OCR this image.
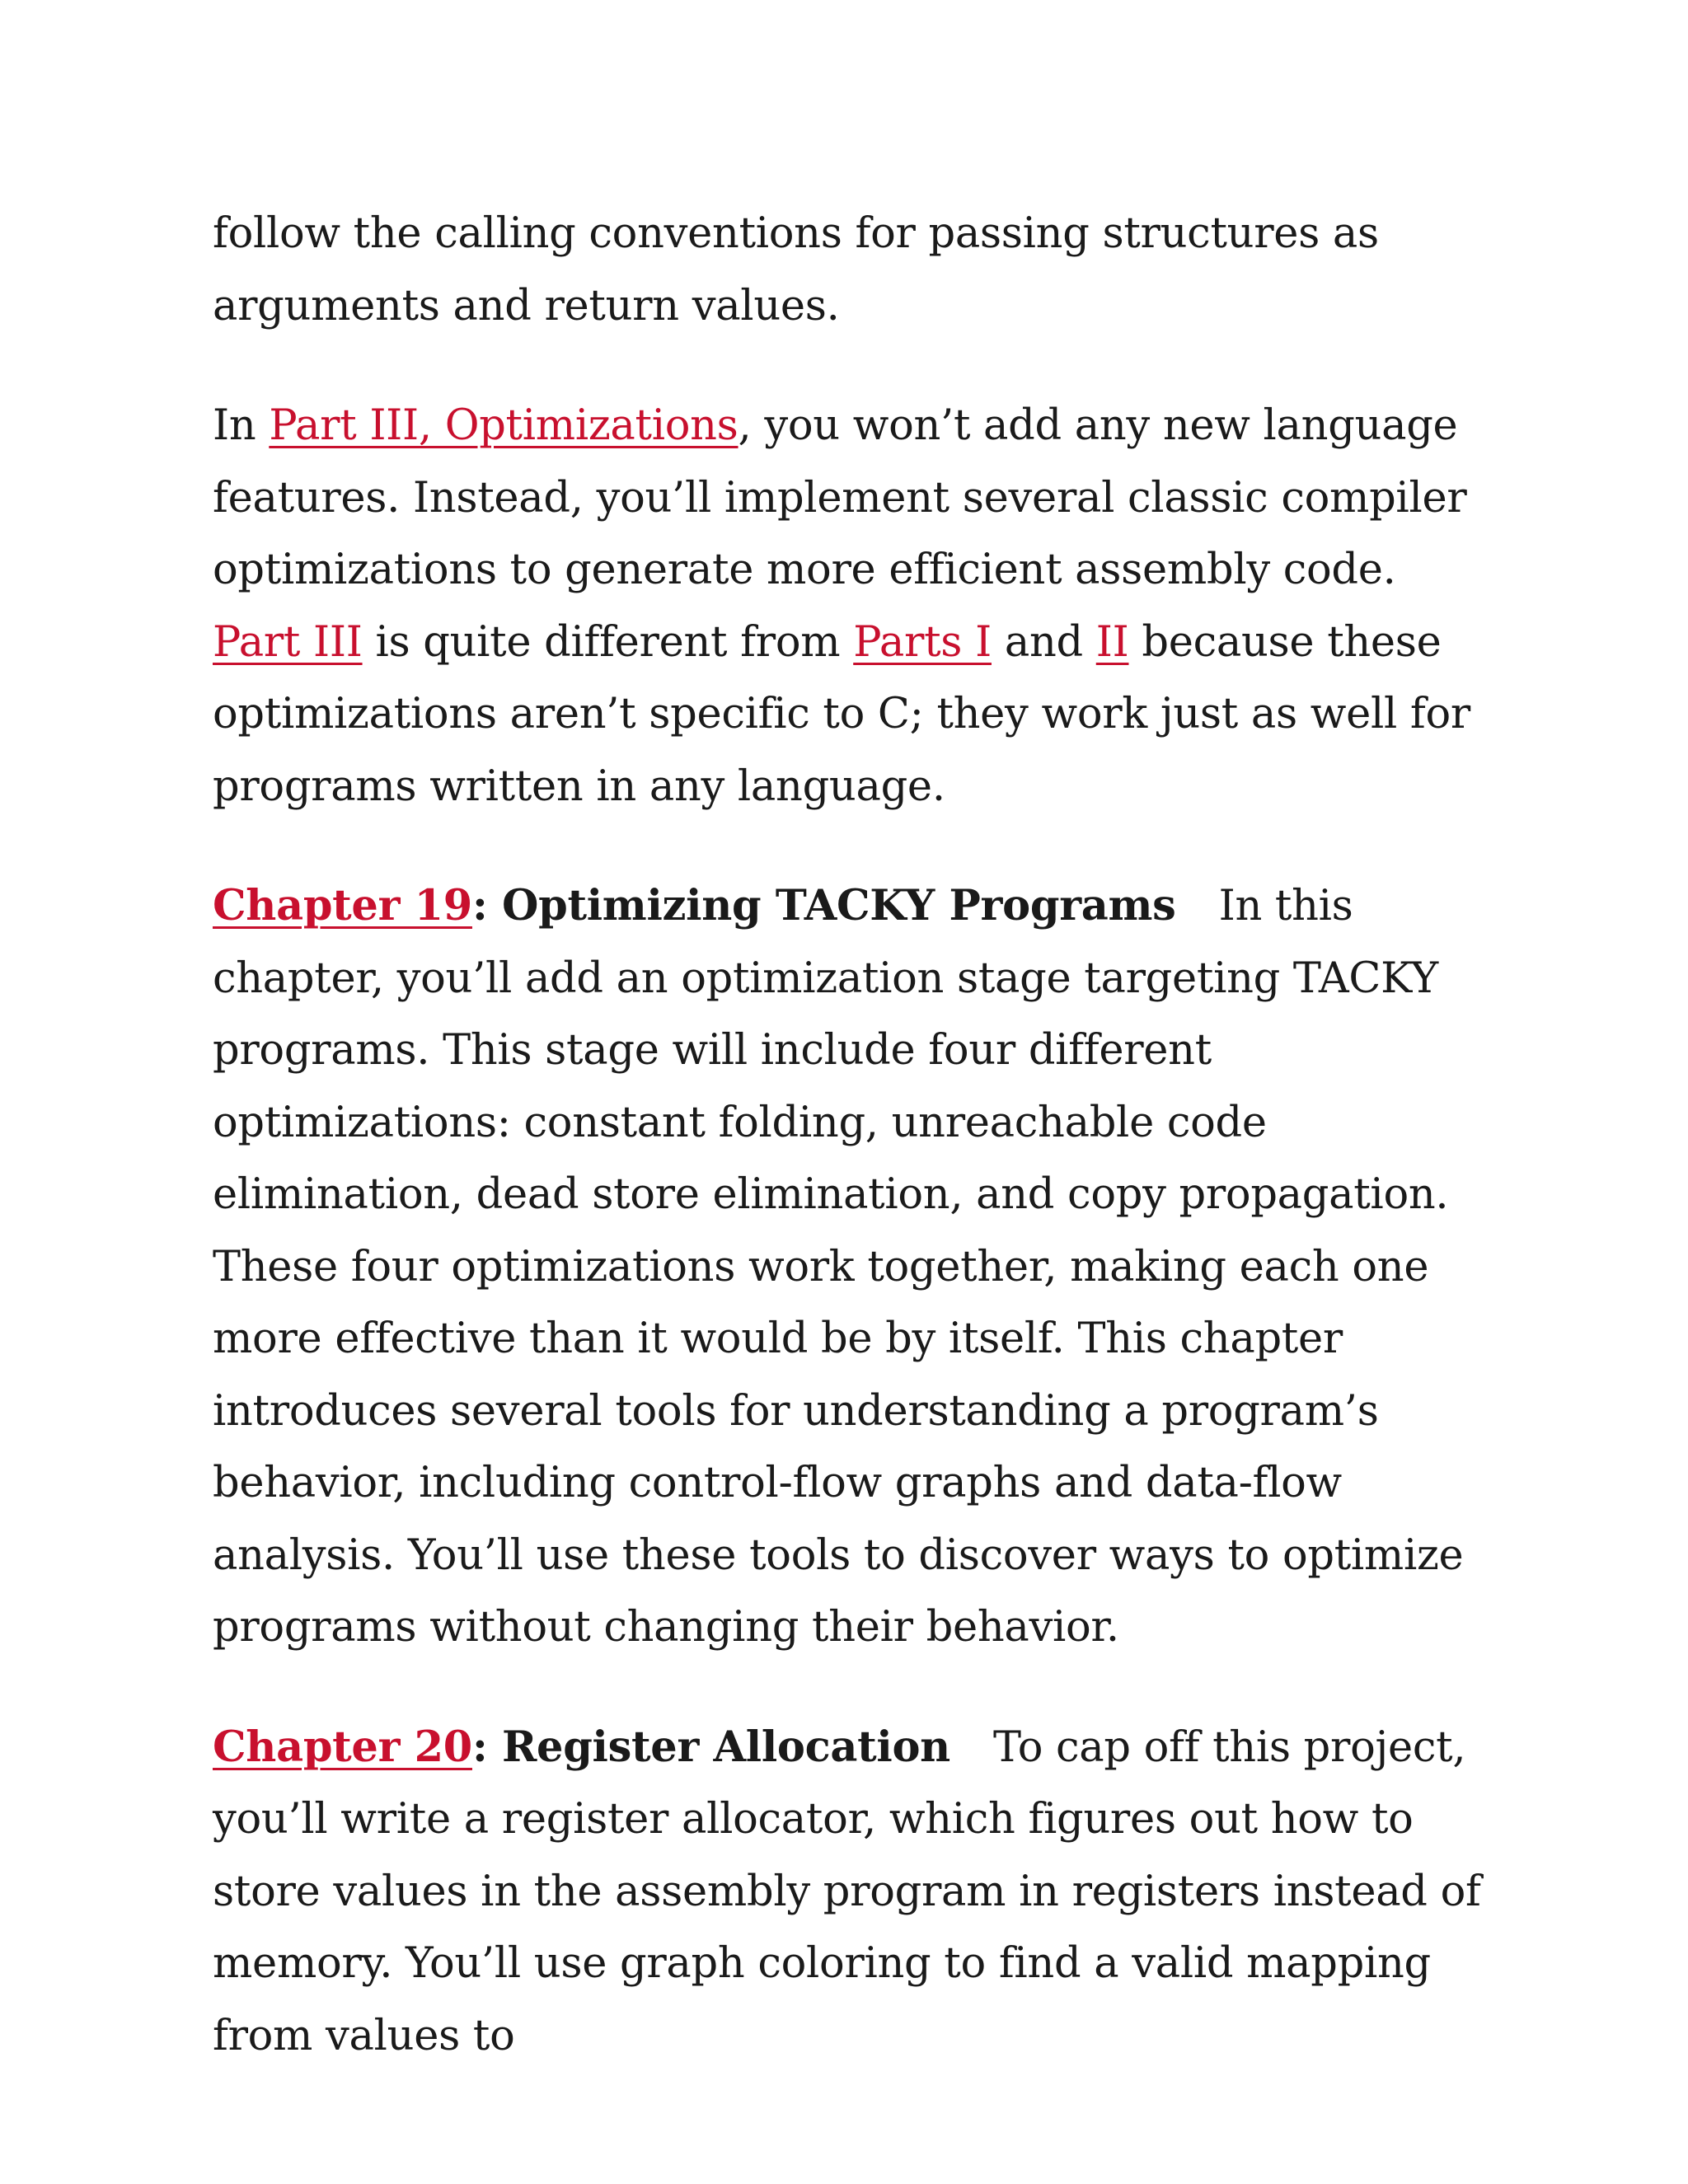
follow the calling conventions for passing structures as arguments and return values.

In Part III, Optimizations, you won’t add any new language features. Instead, you’ll implement several classic compiler optimizations to generate more efficient assembly code. Part III is quite different from Parts I and II because these optimizations aren’t specific to C; they work just as well for programs written in any language.

Chapter 19: Optimizing TACKY Programs In this chapter, you’ll add an optimization stage targeting TACKY programs. This stage will include four different optimizations: constant folding, unreachable code elimination, dead store elimination, and copy propagation. These four optimizations work together, making each one more effective than it would be by itself. This chapter introduces several tools for understanding a program’s behavior, including control-flow graphs and data-flow analysis. You’ll use these tools to discover ways to optimize programs without changing their behavior.

Chapter 20: Register Allocation To cap off this project, you’ll write a register allocator, which figures out how to store values in the assembly program in registers instead of memory. You’ll use graph coloring to find a valid mapping from values to
